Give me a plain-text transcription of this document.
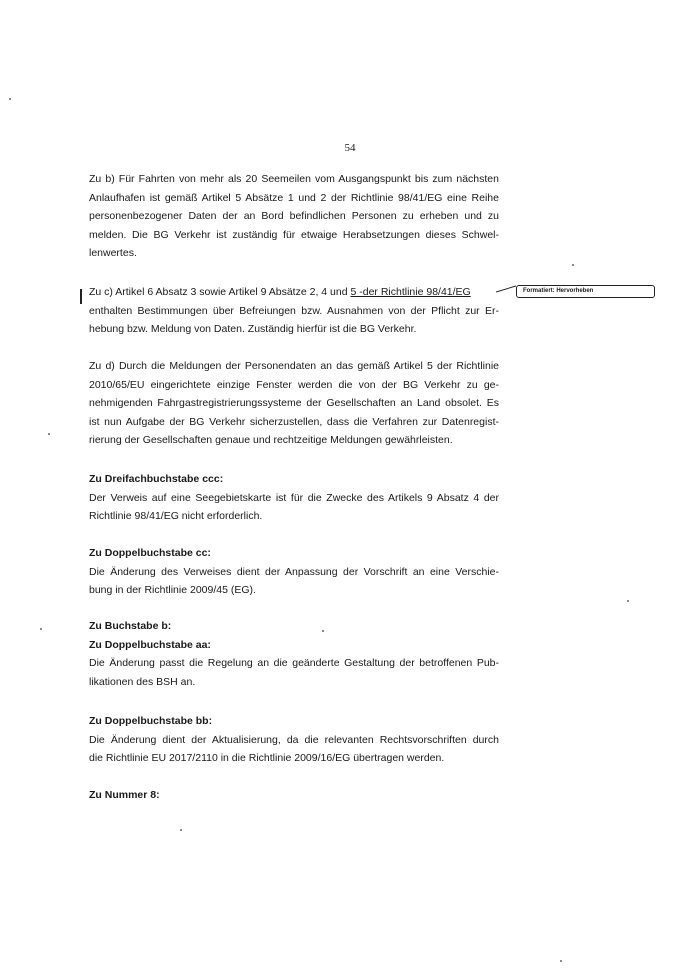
54
Zu b) Für Fahrten von mehr als 20 Seemeilen vom Ausgangspunkt bis zum nächsten
Anlaufhafen ist gemäß Artikel 5 Absätze 1 und 2 der Richtlinie 98/41/EG eine Reihe
personenbezogener Daten der an Bord befindlichen Personen zu erheben und zu
melden. Die BG Verkehr ist zuständig für etwaige Herabsetzungen dieses Schwel-
lenwertes.
Zu c) Artikel 6 Absatz 3 sowie Artikel 9 Absätze 2, 4 und 5 -der Richtlinie 98/41/EG
enthalten Bestimmungen über Befreiungen bzw. Ausnahmen von der Pflicht zur Er-
hebung bzw. Meldung von Daten. Zuständig hierfür ist die BG Verkehr.
Formatiert: Hervorheben
Zu d) Durch die Meldungen der Personendaten an das gemäß Artikel 5 der Richtlinie
2010/65/EU eingerichtete einzige Fenster werden die von der BG Verkehr zu ge-
nehmigenden Fahrgastregistrierungssysteme der Gesellschaften an Land obsolet. Es
ist nun Aufgabe der BG Verkehr sicherzustellen, dass die Verfahren zur Datenregist-
rierung der Gesellschaften genaue und rechtzeitige Meldungen gewährleisten.
Zu Dreifachbuchstabe ccc:
Der Verweis auf eine Seegebietskarte ist für die Zwecke des Artikels 9 Absatz 4 der
Richtlinie 98/41/EG nicht erforderlich.
Zu Doppelbuchstabe cc:
Die Änderung des Verweises dient der Anpassung der Vorschrift an eine Verschie-
bung in der Richtlinie 2009/45 (EG).
Zu Buchstabe b:
Zu Doppelbuchstabe aa:
Die Änderung passt die Regelung an die geänderte Gestaltung der betroffenen Pub-
likationen des BSH an.
Zu Doppelbuchstabe bb:
Die Änderung dient der Aktualisierung, da die relevanten Rechtsvorschriften durch
die Richtlinie EU 2017/2110 in die Richtlinie 2009/16/EG übertragen werden.
Zu Nummer 8:
